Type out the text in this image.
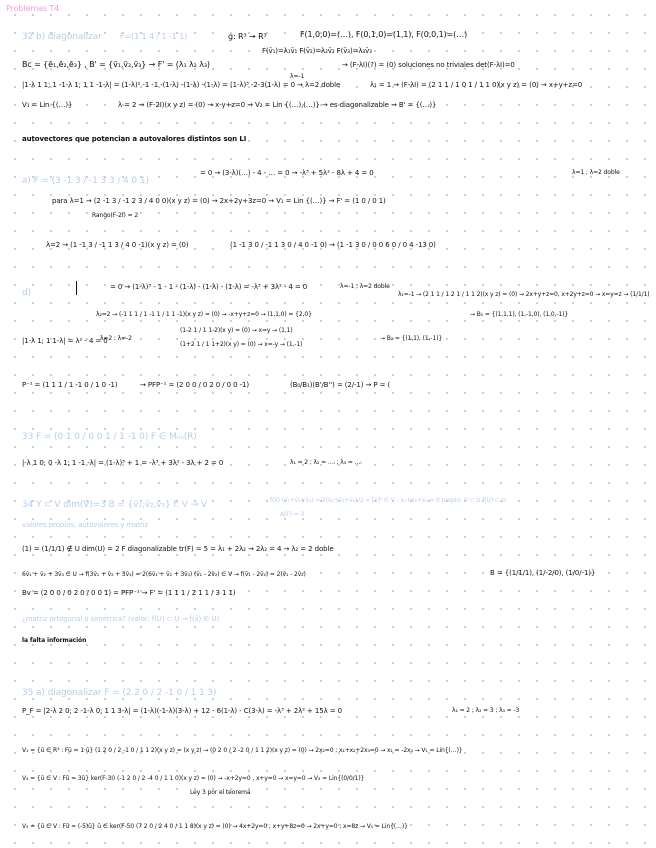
Problemas T4
32 b) diagonalizar F=(1 1 4 / 1 -1 1)	g: R³ → R³	F(1,0,0)=(…), F(0,1,0)=(1,1), F(0,0,1)=(…)
F(v̄₁)=λ₁v̄₁ F(v̄₂)=λ₂v̄₂ F(v̄₃)=λ₃v̄₃
Bc = {ē₁,ē₂,ē₃} , B' = {v̄₁,v̄₂,v̄₃} → F' = (λ₁ λ₂ λ₃)	→ (F-λI)(?) = (0) soluciones no triviales det(F-λI)=0
|1-λ 1 1; 1 -1-λ 1; 1 1 -1-λ| = (1-λ)² -1 -1 -(1-λ) -(1-λ) -(1-λ) = (1-λ)³ -2-3(1-λ) = 0 → λ=2 doble
λ=-1
λ₁ = 1 → (F-λI) = (2 1 1 / 1 0 1 / 1 1 0) (x y z) = (0) → x+y+z=0
V₁ = Lin {(…)}	λ = 2 → (F-2I)(x y z) = (0) → x-y+z=0 → V₂ = Lin {(…),(…)} → es diagonalizable → B' = {(…)}
autovectores que potencian a autovalores distintos son LI
a) F = (3 -1 3 / -1 3 3 / 4 0 1)
= 0 → (3-λ)(…) - 4 - … = 0 → -λ³ + 5λ² - 8λ + 4 = 0	λ=1 ; λ=2 doble
para λ=1 → (2 -1 3 / -1 2 3 / 4 0 0)(x y z) = (0) → 2x+2y+3z=0 → V₁ = Lin {(…)} → F' = (1 0 / 0 1)
Rango(F-2I) = 2
λ=2 → (1 -1 3 / -1 1 3 / 4 0 -1)(x y z) = (0)	(1 -1 3 0 / -1 1 3 0 / 4 0 -1 0) → (1 -1 3 0 / 0 0 6 0 / 0 4 -13 0)
d)
= 0 → (1-λ)³ - 1 - 1 - (1-λ) - (1-λ) - (1-λ) = -λ³ + 3λ² - 4 = 0	λ=-1 ; λ=2 doble
λ₁=-1 → (2 1 1 / 1 2 1 / 1 1 2)(x y z) = (0) → 2x+y+z=0, x+2y+z=0 → x=y=z → (1/1/1)
λ₂=2 → (-1 1 1 / 1 -1 1 / 1 1 -1)(x y z) = (0) → -x+y+z=0 → (1,1,0) = {2,0}	→ B₅ = {(1,1,1), (1,-1,0), (1,0,-1)}
|1-λ 1; 1 1-λ| = λ² - 4 = 0
λ=2 ; λ=-2
(1-2 1 / 1 1-2)(x y) = (0) → x=y → (1,1)
(1+2 1 / 1 1+2)(x y) = (0) → x=-y → (1,-1)
→ B₂ = {(1,1), (1,-1)}
P⁻¹ = (1 1 1 / 1 -1 0 / 1 0 -1)	→ PFP⁻¹ = (2 0 0 / 0 2 0 / 0 0 -1)	(B₀/B₁)(B'/B'') = (2/-1) → P = (
33 F = (0 1 0 / 0 0 1 / 1 -1 0) F ∈ Mₙₙ(R)
|-λ 1 0; 0 -λ 1; 1 -1 -λ| = (1-λ)³ + 1 = -λ³ + 3λ² - 3λ + 2 = 0	λ₁ = 2 ; λ₂ = …ᵢ ; λ₃ = …ᵢ
34 Y ⊂ V dim(V)=3 B = {v̄₁,v̄₂,v̄₃} f: V → V	f(x̄)·(v̄₁+v̄₂+v̄₃) = 2(v̄₁+v̄₂+v̄₃) U = [x̄]ⁿ ∈ V : x₁+x₂+x₃ = 0 propio: V ⊂ U f(U) ⊂ U
A(F) = 3
valores propios, autovalores y matriz
(1) = (1/1/1) ∉ U dim(U) = 2 F diagonalizable tr(F) = 5 = λ₁ + 2λ₂ → 2λ₂ = 4 → λ₂ = 2 doble
6v̄₁ + v̄₂ + 3v̄₃ ∈ U → f(3v̄₁ + v̄₂ + 3v̄₃) = 2(6v̄₁ + v̄₂ + 3v̄₃) (v̄₁ - 2v̄₂) ∈ V → f(v̄₁ - 2v̄₂) = 2(v̄₁ - 2v̄₂)	B = {(1/1/1), (1/-2/0), (1/0/-1)}
Bv = (2 0 0 / 0 2 0 / 0 0 1) = PFP⁻¹ → F' = (1 1 1 / 2 1 1 / 3 1 1)
¿matriz ortogonal o simétrica? (valor: f(U) ⊂ U → f(x̄) ∈ U)
la falta información
35 a) diagonalizar F = (2 2 0 / 2 -1 0 / 1 1 3)
P_F = |2-λ 2 0; 2 -1-λ 0; 1 1 3-λ| = (1-λ)(-1-λ)(3-λ) + 12 - 6(1-λ) - C(3-λ) = -λ³ + 2λ² + 15λ = 0	λ₁ = 2 ; λ₂ = 3 ; λ₃ = -3
V₁ = {ū ∈ R³ : Fū = 1·ū} (1 2 0 / 2 -1 0 / 1 1 2)(x y z) = (x y z) → (0 2 0 / 2 -2 0 / 1 1 2)(x y z) = (0) → 2x₂=0 ; x₁+x₂+2x₃=0 → x₁ = -2x₃ → V₁ = Lin{(…)}
V₃ = {ū ∈ V : Fū = 3ū} ker(F-3I) (-1 2 0 / 2 -4 0 / 1 1 0)(x y z) = (0) → -x+2y=0 , x+y=0 → x=y=0 → V₃ = Lin{(0/0/1)}
Ley 3 por el teorema
V₅ = {ū ∈ V : Fū = (-5)ū} ū ∈ ker(F-5I) (7 2 0 / 2 4 0 / 1 1 8)(x y z) = (0) → 4x+2y=0 ; x+y+8z=0 → 2x+y=0 ; x=8z → V₅ = Lin{(…)}
